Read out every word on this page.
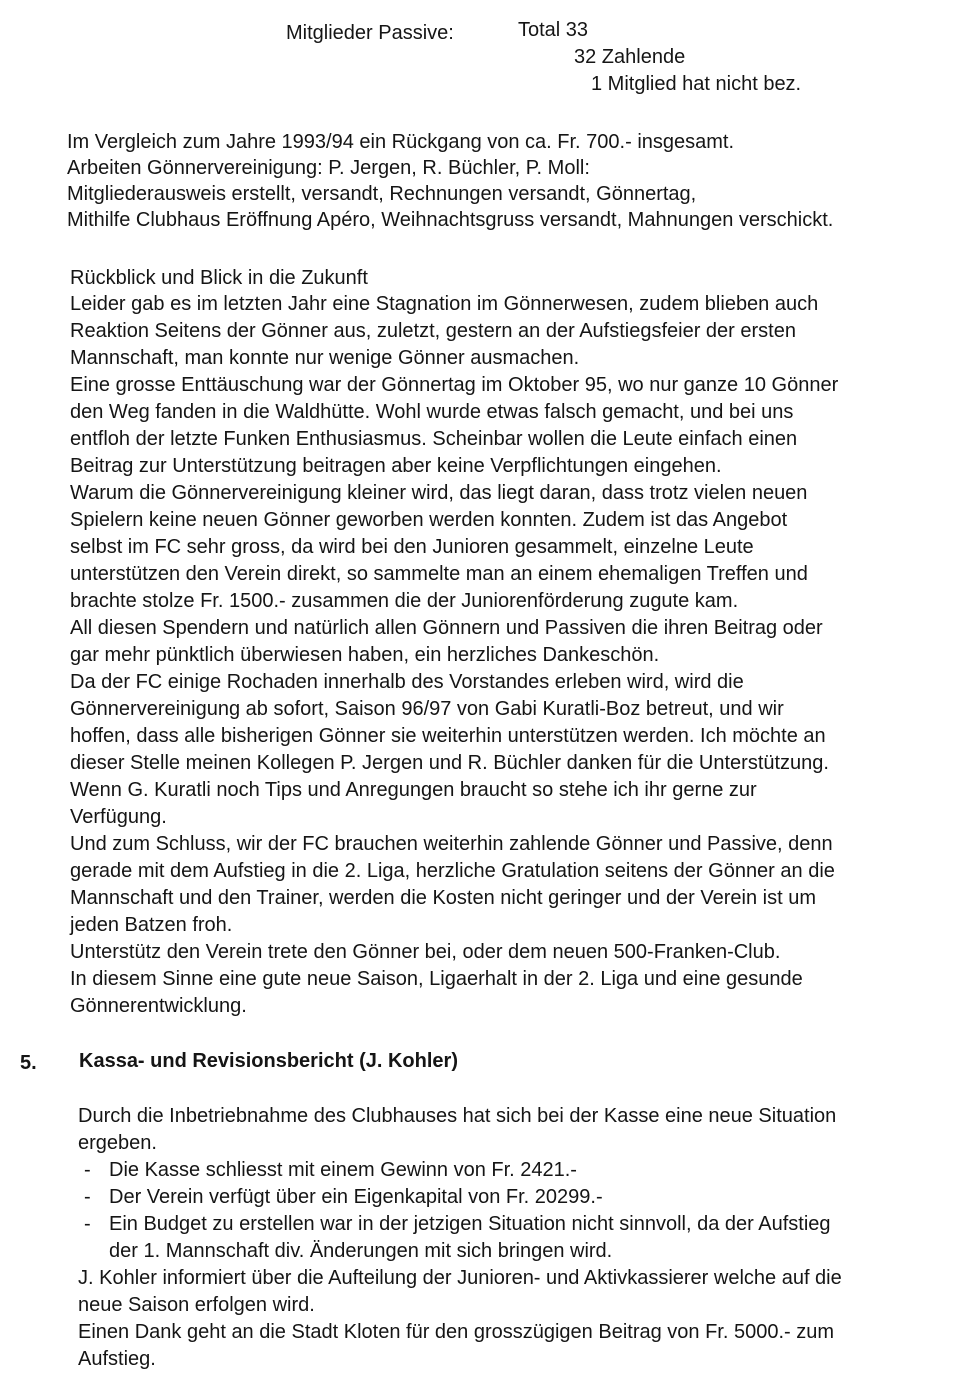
Mitglieder Passive:	Total 33
32 Zahlende
1 Mitglied hat nicht bez.
Im Vergleich zum Jahre 1993/94 ein Rückgang von ca. Fr. 700.- insgesamt.
Arbeiten Gönnervereinigung: P. Jergen, R. Büchler, P. Moll:
Mitgliederausweis erstellt, versandt, Rechnungen versandt, Gönnertag,
Mithilfe Clubhaus Eröffnung Apéro, Weihnachtsgruss versandt, Mahnungen verschickt.
Rückblick und Blick in die Zukunft
Leider gab es im letzten Jahr eine Stagnation im Gönnerwesen, zudem blieben auch
Reaktion Seitens der Gönner aus, zuletzt, gestern an der Aufstiegsfeier der ersten
Mannschaft, man konnte nur wenige Gönner ausmachen.
Eine grosse Enttäuschung war der Gönnertag im Oktober 95, wo nur ganze 10 Gönner
den Weg fanden in die Waldhütte. Wohl wurde etwas falsch gemacht, und bei uns
entfloh der letzte Funken Enthusiasmus. Scheinbar wollen die Leute einfach einen
Beitrag zur Unterstützung beitragen aber keine Verpflichtungen eingehen.
Warum die Gönnervereinigung kleiner wird, das liegt daran, dass trotz vielen neuen
Spielern keine neuen Gönner geworben werden konnten. Zudem ist das Angebot
selbst im FC sehr gross, da wird bei den Junioren gesammelt, einzelne Leute
unterstützen den Verein direkt, so sammelte man an einem ehemaligen Treffen und
brachte stolze Fr. 1500.- zusammen die der Juniorenförderung zugute kam.
All diesen Spendern und natürlich allen Gönnern und Passiven die ihren Beitrag oder
gar mehr pünktlich überwiesen haben, ein herzliches Dankeschön.
Da der FC einige Rochaden innerhalb des Vorstandes erleben wird, wird die
Gönnervereinigung ab sofort, Saison 96/97 von Gabi Kuratli-Boz betreut, und wir
hoffen, dass alle bisherigen Gönner sie weiterhin unterstützen werden. Ich möchte an
dieser Stelle meinen Kollegen P. Jergen und R. Büchler danken für die Unterstützung.
Wenn G. Kuratli noch Tips und Anregungen braucht so stehe ich ihr gerne zur
Verfügung.
Und zum Schluss, wir der FC brauchen weiterhin zahlende Gönner und Passive, denn
gerade mit dem Aufstieg in die 2. Liga, herzliche Gratulation seitens der Gönner an die
Mannschaft und den Trainer, werden die Kosten nicht geringer und der Verein ist um
jeden Batzen froh.
Unterstütz den Verein trete den Gönner bei, oder dem neuen 500-Franken-Club.
In diesem Sinne eine gute neue Saison, Ligaerhalt in der 2. Liga und eine gesunde
Gönnerentwicklung.
5. Kassa- und Revisionsbericht (J. Kohler)
Durch die Inbetriebnahme des Clubhauses hat sich bei der Kasse eine neue Situation
ergeben.
- Die Kasse schliesst mit einem Gewinn von Fr. 2421.-
- Der Verein verfügt über ein Eigenkapital von Fr. 20299.-
- Ein Budget zu erstellen war in der jetzigen Situation nicht sinnvoll, da der Aufstieg
der 1. Mannschaft div. Änderungen mit sich bringen wird.
J. Kohler informiert über die Aufteilung der Junioren- und Aktivkassierer welche auf die
neue Saison erfolgen wird.
Einen Dank geht an die Stadt Kloten für den grosszügigen Beitrag von Fr. 5000.- zum
Aufstieg.
